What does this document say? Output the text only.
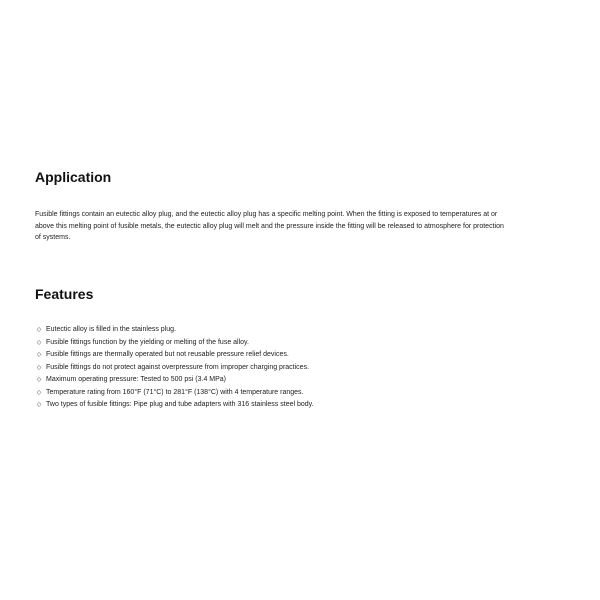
Application

Fusible fittings contain an eutectic alloy plug, and the eutectic alloy plug has a specific melting point. When the fitting is exposed to temperatures at or above this melting point of fusible metals, the eutectic alloy plug will melt and the pressure inside the fitting will be released to atmosphere for protection of systems.

Features
◇ Eutectic alloy is filled in the stainless plug.
◇ Fusible fittings function by the yielding or melting of the fuse alloy.
◇ Fusible fittings are thermally operated but not reusable pressure relief devices.
◇ Fusible fittings do not protect against overpressure from improper charging practices.
◇ Maximum operating pressure: Tested to 500 psi (3.4 MPa)
◇ Temperature rating from 160°F (71°C) to 281°F (138°C) with 4 temperature ranges.
◇ Two types of fusible fittings: Pipe plug and tube adapters with 316 stainless steel body.
